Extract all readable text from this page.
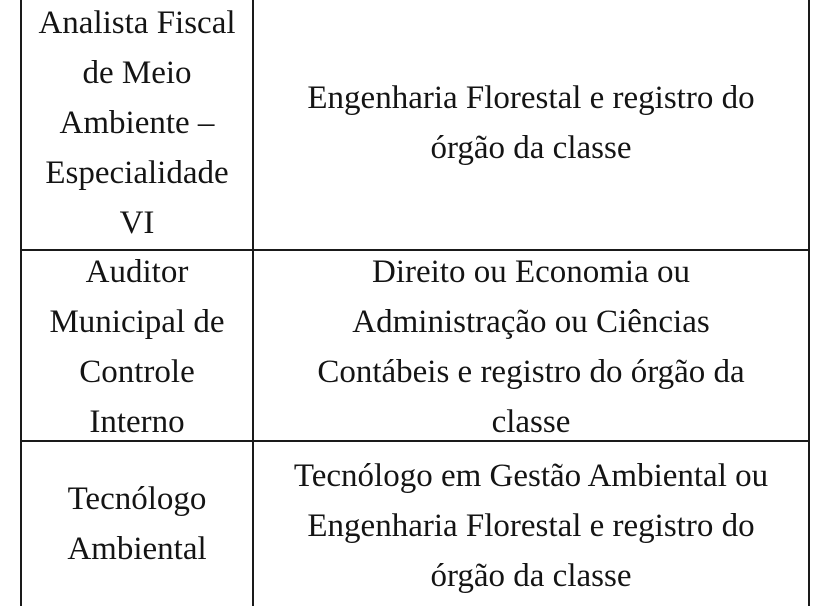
Analista Fiscal
de Meio
Ambiente –
Especialidade
VI
Engenharia Florestal e registro do
órgão da classe
Auditor
Municipal de
Controle
Interno
Direito ou Economia ou
Administração ou Ciências
Contábeis e registro do órgão da
classe
Tecnólogo
Ambiental
Tecnólogo em Gestão Ambiental ou
Engenharia Florestal e registro do
órgão da classe
